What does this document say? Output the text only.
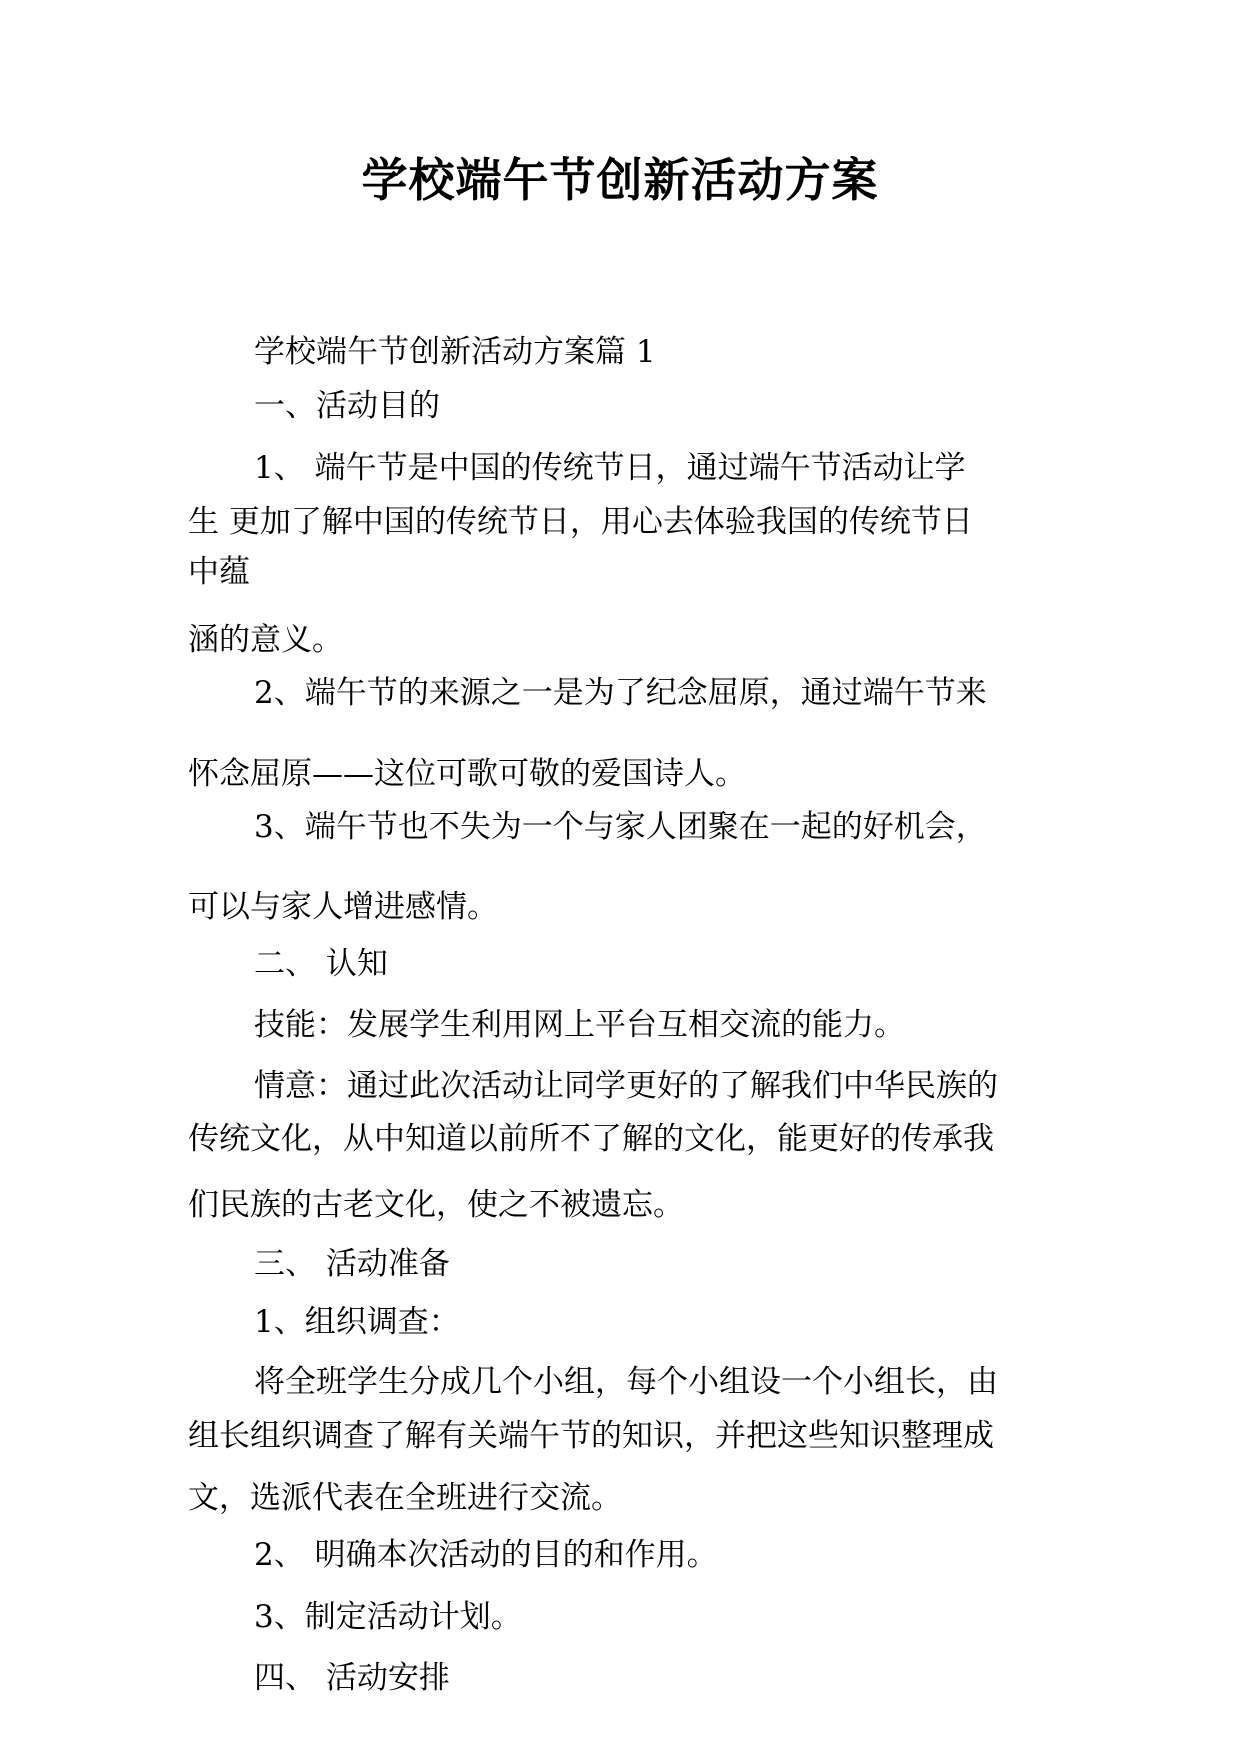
学校端午节创新活动方案
学校端午节创新活动方案篇 1
一、活动目的
1、 端午节是中国的传统节日，通过端午节活动让学
生 更加了解中国的传统节日，用心去体验我国的传统节日
中蕴
涵的意义。
2、端午节的来源之一是为了纪念屈原，通过端午节来
怀念屈原——这位可歌可敬的爱国诗人。
3、端午节也不失为一个与家人团聚在一起的好机会，
可以与家人增进感情。
二、 认知
技能：发展学生利用网上平台互相交流的能力。
情意：通过此次活动让同学更好的了解我们中华民族的
传统文化，从中知道以前所不了解的文化，能更好的传承我
们民族的古老文化，使之不被遗忘。
三、 活动准备
1、组织调查：
将全班学生分成几个小组，每个小组设一个小组长，由
组长组织调查了解有关端午节的知识，并把这些知识整理成
文，选派代表在全班进行交流。
2、 明确本次活动的目的和作用。
3、制定活动计划。
四、 活动安排
